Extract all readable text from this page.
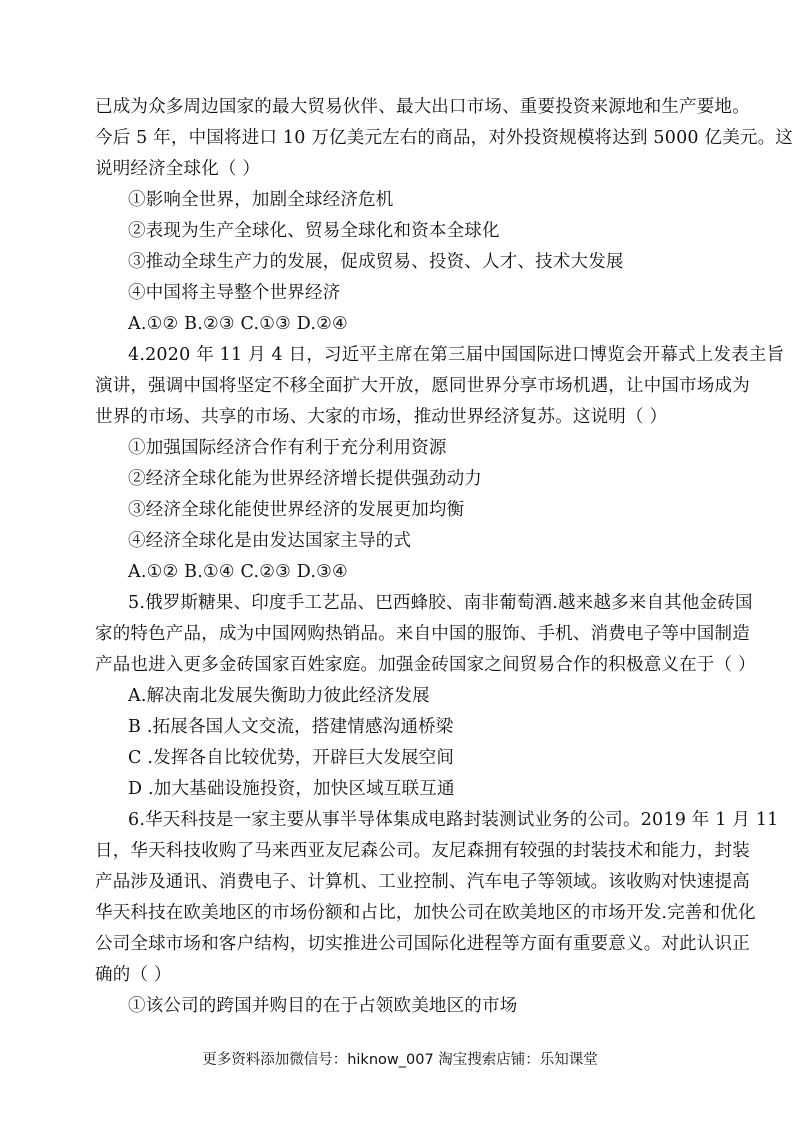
已成为众多周边国家的最大贸易伙伴、最大出口市场、重要投资来源地和生产要地。
今后 5 年，中国将进口 10 万亿美元左右的商品，对外投资规模将达到 5000 亿美元。这
说明经济全球化（ ）
①影响全世界，加剧全球经济危机
②表现为生产全球化、贸易全球化和资本全球化
③推动全球生产力的发展，促成贸易、投资、人才、技术大发展
④中国将主导整个世界经济
A.①② B.②③ C.①③ D.②④
4.2020 年 11 月 4 日，习近平主席在第三届中国国际进口博览会开幕式上发表主旨
演讲，强调中国将坚定不移全面扩大开放，愿同世界分享市场机遇，让中国市场成为
世界的市场、共享的市场、大家的市场，推动世界经济复苏。这说明（ ）
①加强国际经济合作有利于充分利用资源
②经济全球化能为世界经济增长提供强劲动力
③经济全球化能使世界经济的发展更加均衡
④经济全球化是由发达国家主导的式
A.①② B.①④ C.②③ D.③④
5.俄罗斯糖果、印度手工艺品、巴西蜂胶、南非葡萄酒.越来越多来自其他金砖国
家的特色产品，成为中国网购热销品。来自中国的服饰、手机、消费电子等中国制造
产品也进入更多金砖国家百姓家庭。加强金砖国家之间贸易合作的积极意义在于（ ）
A.解决南北发展失衡助力彼此经济发展
B .拓展各国人文交流，搭建情感沟通桥梁
C .发挥各自比较优势，开辟巨大发展空间
D .加大基础设施投资，加快区域互联互通
6.华天科技是一家主要从事半导体集成电路封装测试业务的公司。2019 年 1 月 11
日，华天科技收购了马来西亚友尼森公司。友尼森拥有较强的封装技术和能力，封装
产品涉及通讯、消费电子、计算机、工业控制、汽车电子等领域。该收购对快速提高
华天科技在欧美地区的市场份额和占比，加快公司在欧美地区的市场开发.完善和优化
公司全球市场和客户结构，切实推进公司国际化进程等方面有重要意义。对此认识正
确的（ ）
①该公司的跨国并购目的在于占领欧美地区的市场
更多资料添加微信号：hiknow_007 淘宝搜索店铺：乐知课堂
